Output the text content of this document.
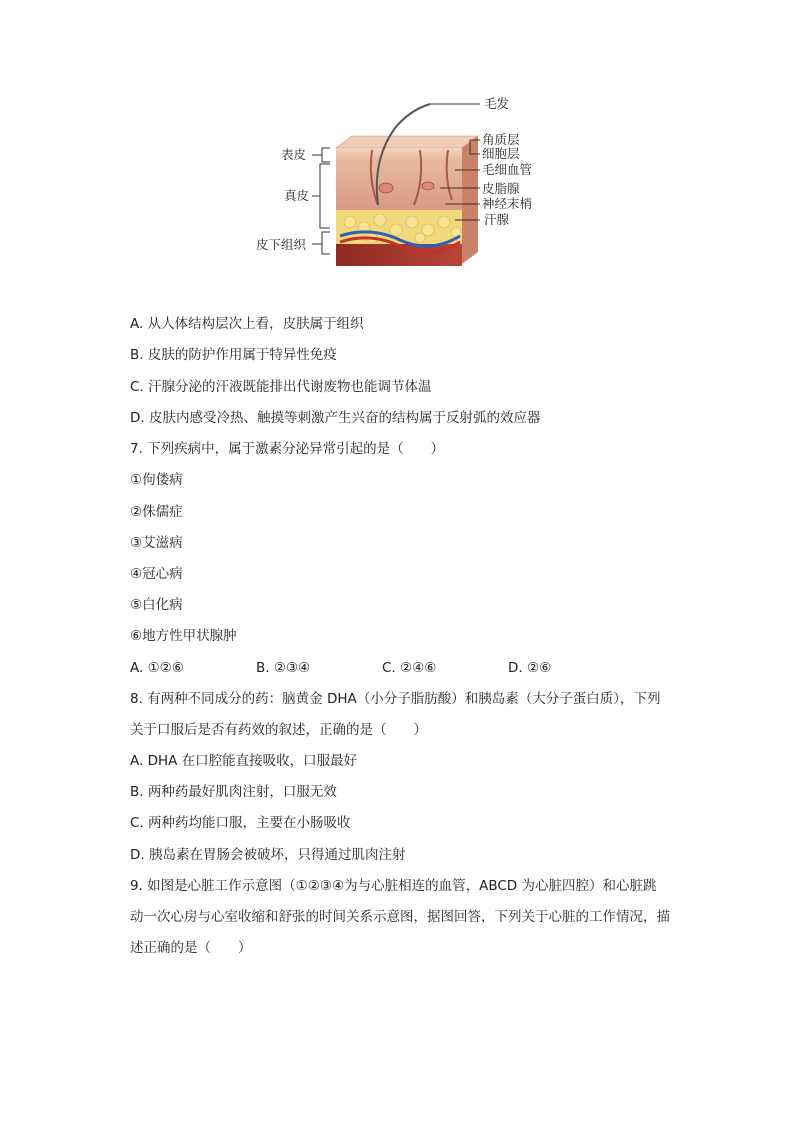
表皮
真皮
皮下组织
毛发
角质层
细胞层
毛细血管
皮脂腺
神经末梢
汗腺
A. 从人体结构层次上看，皮肤属于组织
B. 皮肤的防护作用属于特异性免疫
C. 汗腺分泌的汗液既能排出代谢废物也能调节体温
D. 皮肤内感受冷热、触摸等刺激产生兴奋的结构属于反射弧的效应器
7. 下列疾病中，属于激素分泌异常引起的是（　　）
①佝偻病
②侏儒症
③艾滋病
④冠心病
⑤白化病
⑥地方性甲状腺肿
A. ①②⑥	B. ②③④	C. ②④⑥	D. ②⑥
8. 有两种不同成分的药：脑黄金 DHA（小分子脂肪酸）和胰岛素（大分子蛋白质），下列
关于口服后是否有药效的叙述，正确的是（　　）
A. DHA 在口腔能直接吸收，口服最好
B. 两种药最好肌肉注射，口服无效
C. 两种药均能口服，主要在小肠吸收
D. 胰岛素在胃肠会被破坏，只得通过肌肉注射
9. 如图是心脏工作示意图（①②③④为与心脏相连的血管，ABCD 为心脏四腔）和心脏跳
动一次心房与心室收缩和舒张的时间关系示意图，据图回答，下列关于心脏的工作情况，描
述正确的是（　　）
